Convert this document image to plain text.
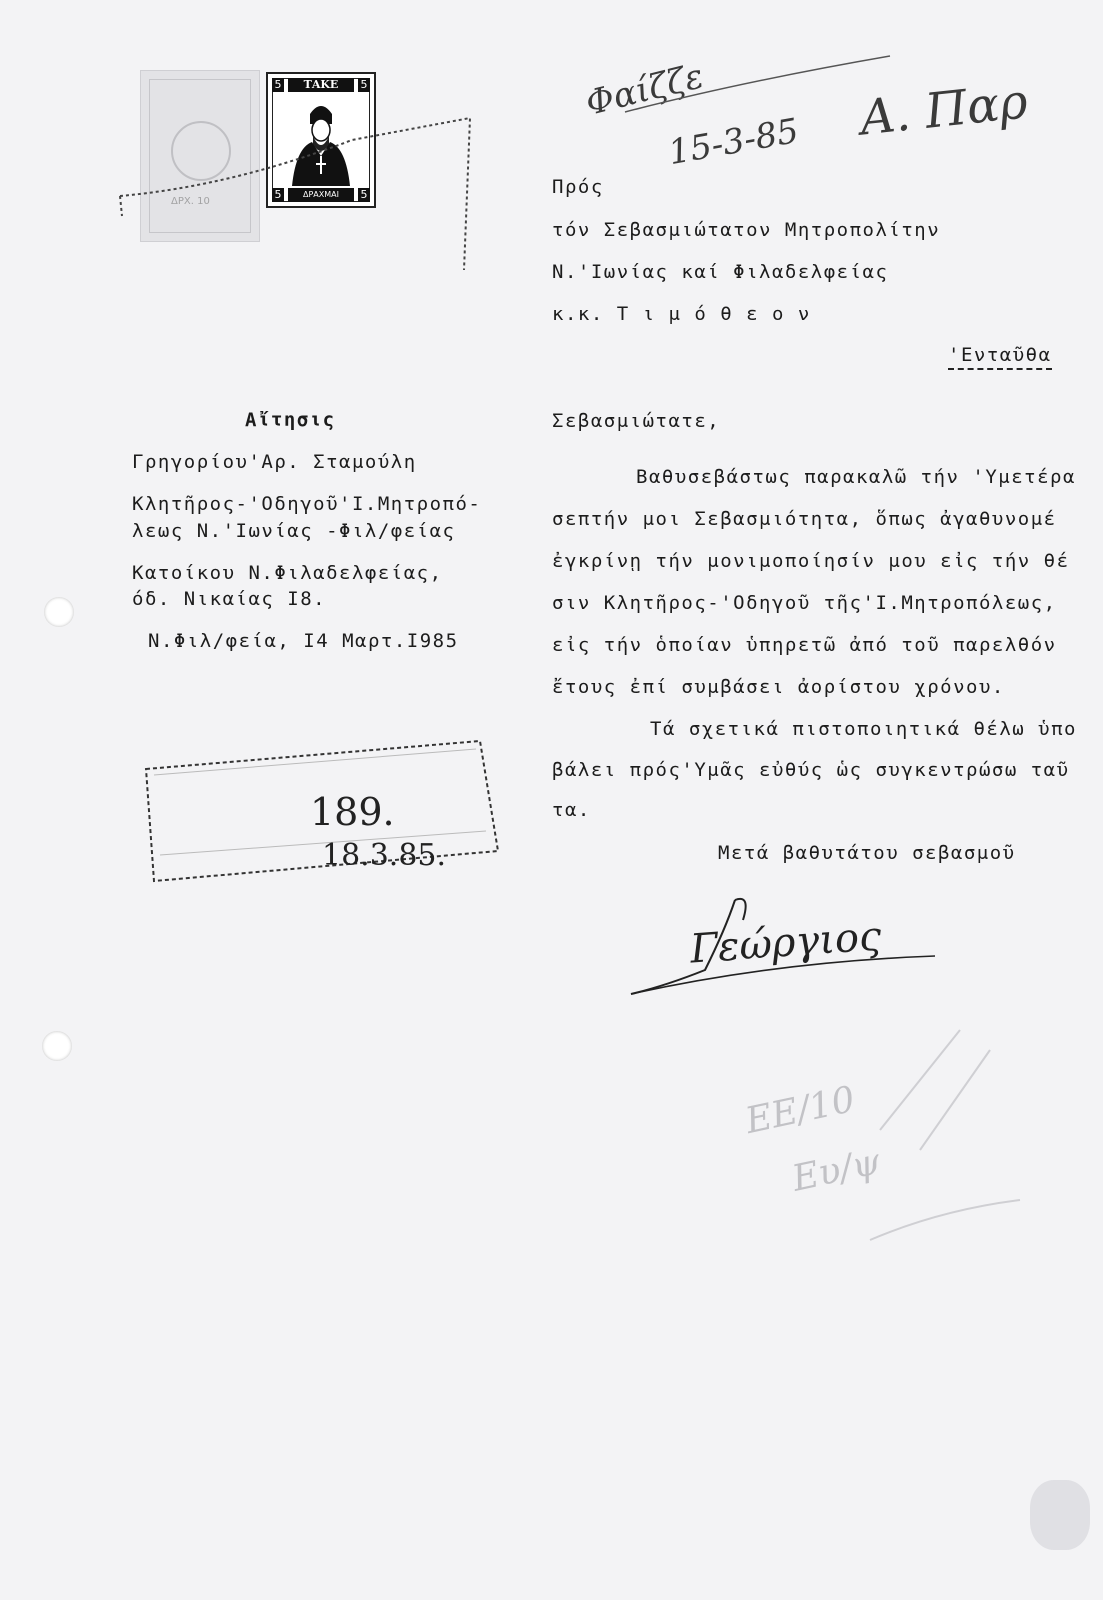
ΔΡΧ. 10
5	5
ΤΑΚΕ
5	5
ΔΡΑΧΜΑΙ
Φαίζζε
15-3-85 Α. Παρ
Πρός
τόν Σεβασμιώτατον Μητροπολίτην
Ν.'Ιωνίας καί Φιλαδελφείας
κ.κ. Τ ι μ ό θ ε ο ν
'Ενταῦθα
Αἴτησις
Γρηγορίου'Αρ. Σταμούλη
Κλητῆρος-'Οδηγοῦ'Ι.Μητροπό-
λεως Ν.'Ιωνίας -Φιλ/φείας
Κατοίκου Ν.Φιλαδελφείας,
όδ. Νικαίας Ι8.
Ν.Φιλ/φεία, Ι4 Μαρτ.Ι985
189.
18.3.85.
Σεβασμιώτατε,
Βαθυσεβάστως παρακαλῶ τήν 'Υμετέρα
σεπτήν μοι Σεβασμιότητα, ὅπως ἀγαθυνομέ
ἐγκρίνῃ τήν μονιμοποίησίν μου εἰς τήν θέ
σιν Κλητῆρος-'Οδηγοῦ τῆς'Ι.Μητροπόλεως,
εἰς τήν ὁποίαν ὑπηρετῶ ἀπό τοῦ παρελθόν
ἔτους ἐπί συμβάσει ἀορίστου χρόνου.
Τά σχετικά πιστοποιητικά θέλω ὑπο
βάλει πρός'Υμᾶς εὐθύς ὡς συγκεντρώσω ταῦ
τα.
Μετά βαθυτάτου σεβασμοῦ
Γεώργιος
ΕΕ/10
Ευ/ψ
